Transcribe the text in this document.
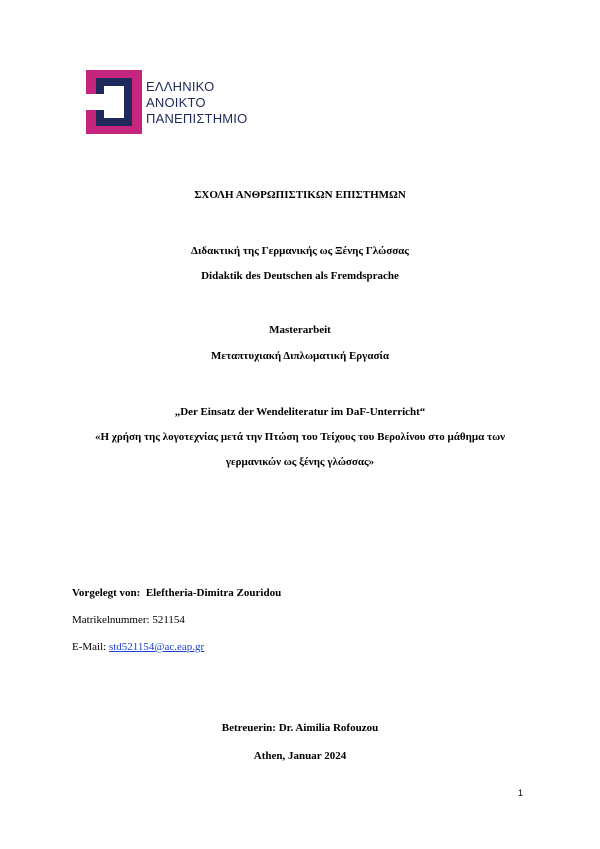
ΕΛΛΗΝΙΚΟ
ΑΝΟΙΚΤΟ
ΠΑΝΕΠΙΣΤΗΜΙΟ
ΣΧΟΛΗ ΑΝΘΡΩΠΙΣΤΙΚΩΝ ΕΠΙΣΤΗΜΩΝ
Διδακτική της Γερμανικής ως Ξένης Γλώσσας
Didaktik des Deutschen als Fremdsprache
Masterarbeit
Μεταπτυχιακή Διπλωματική Εργασία
„Der Einsatz der Wendeliteratur im DaF-Unterricht“
«Η χρήση της λογοτεχνίας μετά την Πτώση του Τείχους του Βερολίνου στο μάθημα των
γερμανικών ως ξένης γλώσσας»
Vorgelegt von: Eleftheria-Dimitra Zouridou
Matrikelnummer: 521154
E-Mail: std521154@ac.eap.gr
Betreuerin: Dr. Aimilia Rofouzou
Athen, Januar 2024
1
